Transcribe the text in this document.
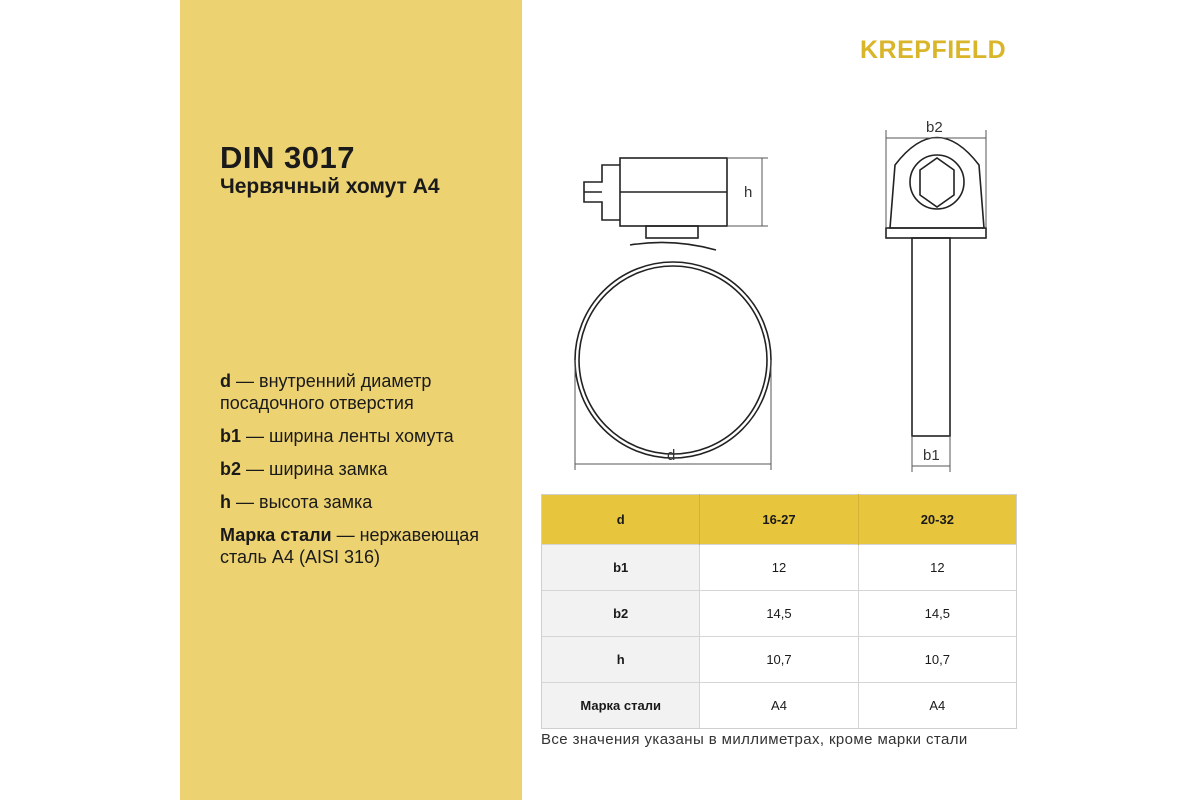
DIN 3017
Червячный хомут А4
d — внутренний диаметр посадочного отверстия
b1 — ширина ленты хомута
b2 — ширина замка
h — высота замка
Марка стали — нержавеющая сталь A4 (AISI 316)
KREPFIELD
h
d
b2
b1
d	16-27	20-32
b1	12	12
b2	14,5	14,5
h	10,7	10,7
Марка стали	A4	A4
Все значения указаны в миллиметрах, кроме марки стали
